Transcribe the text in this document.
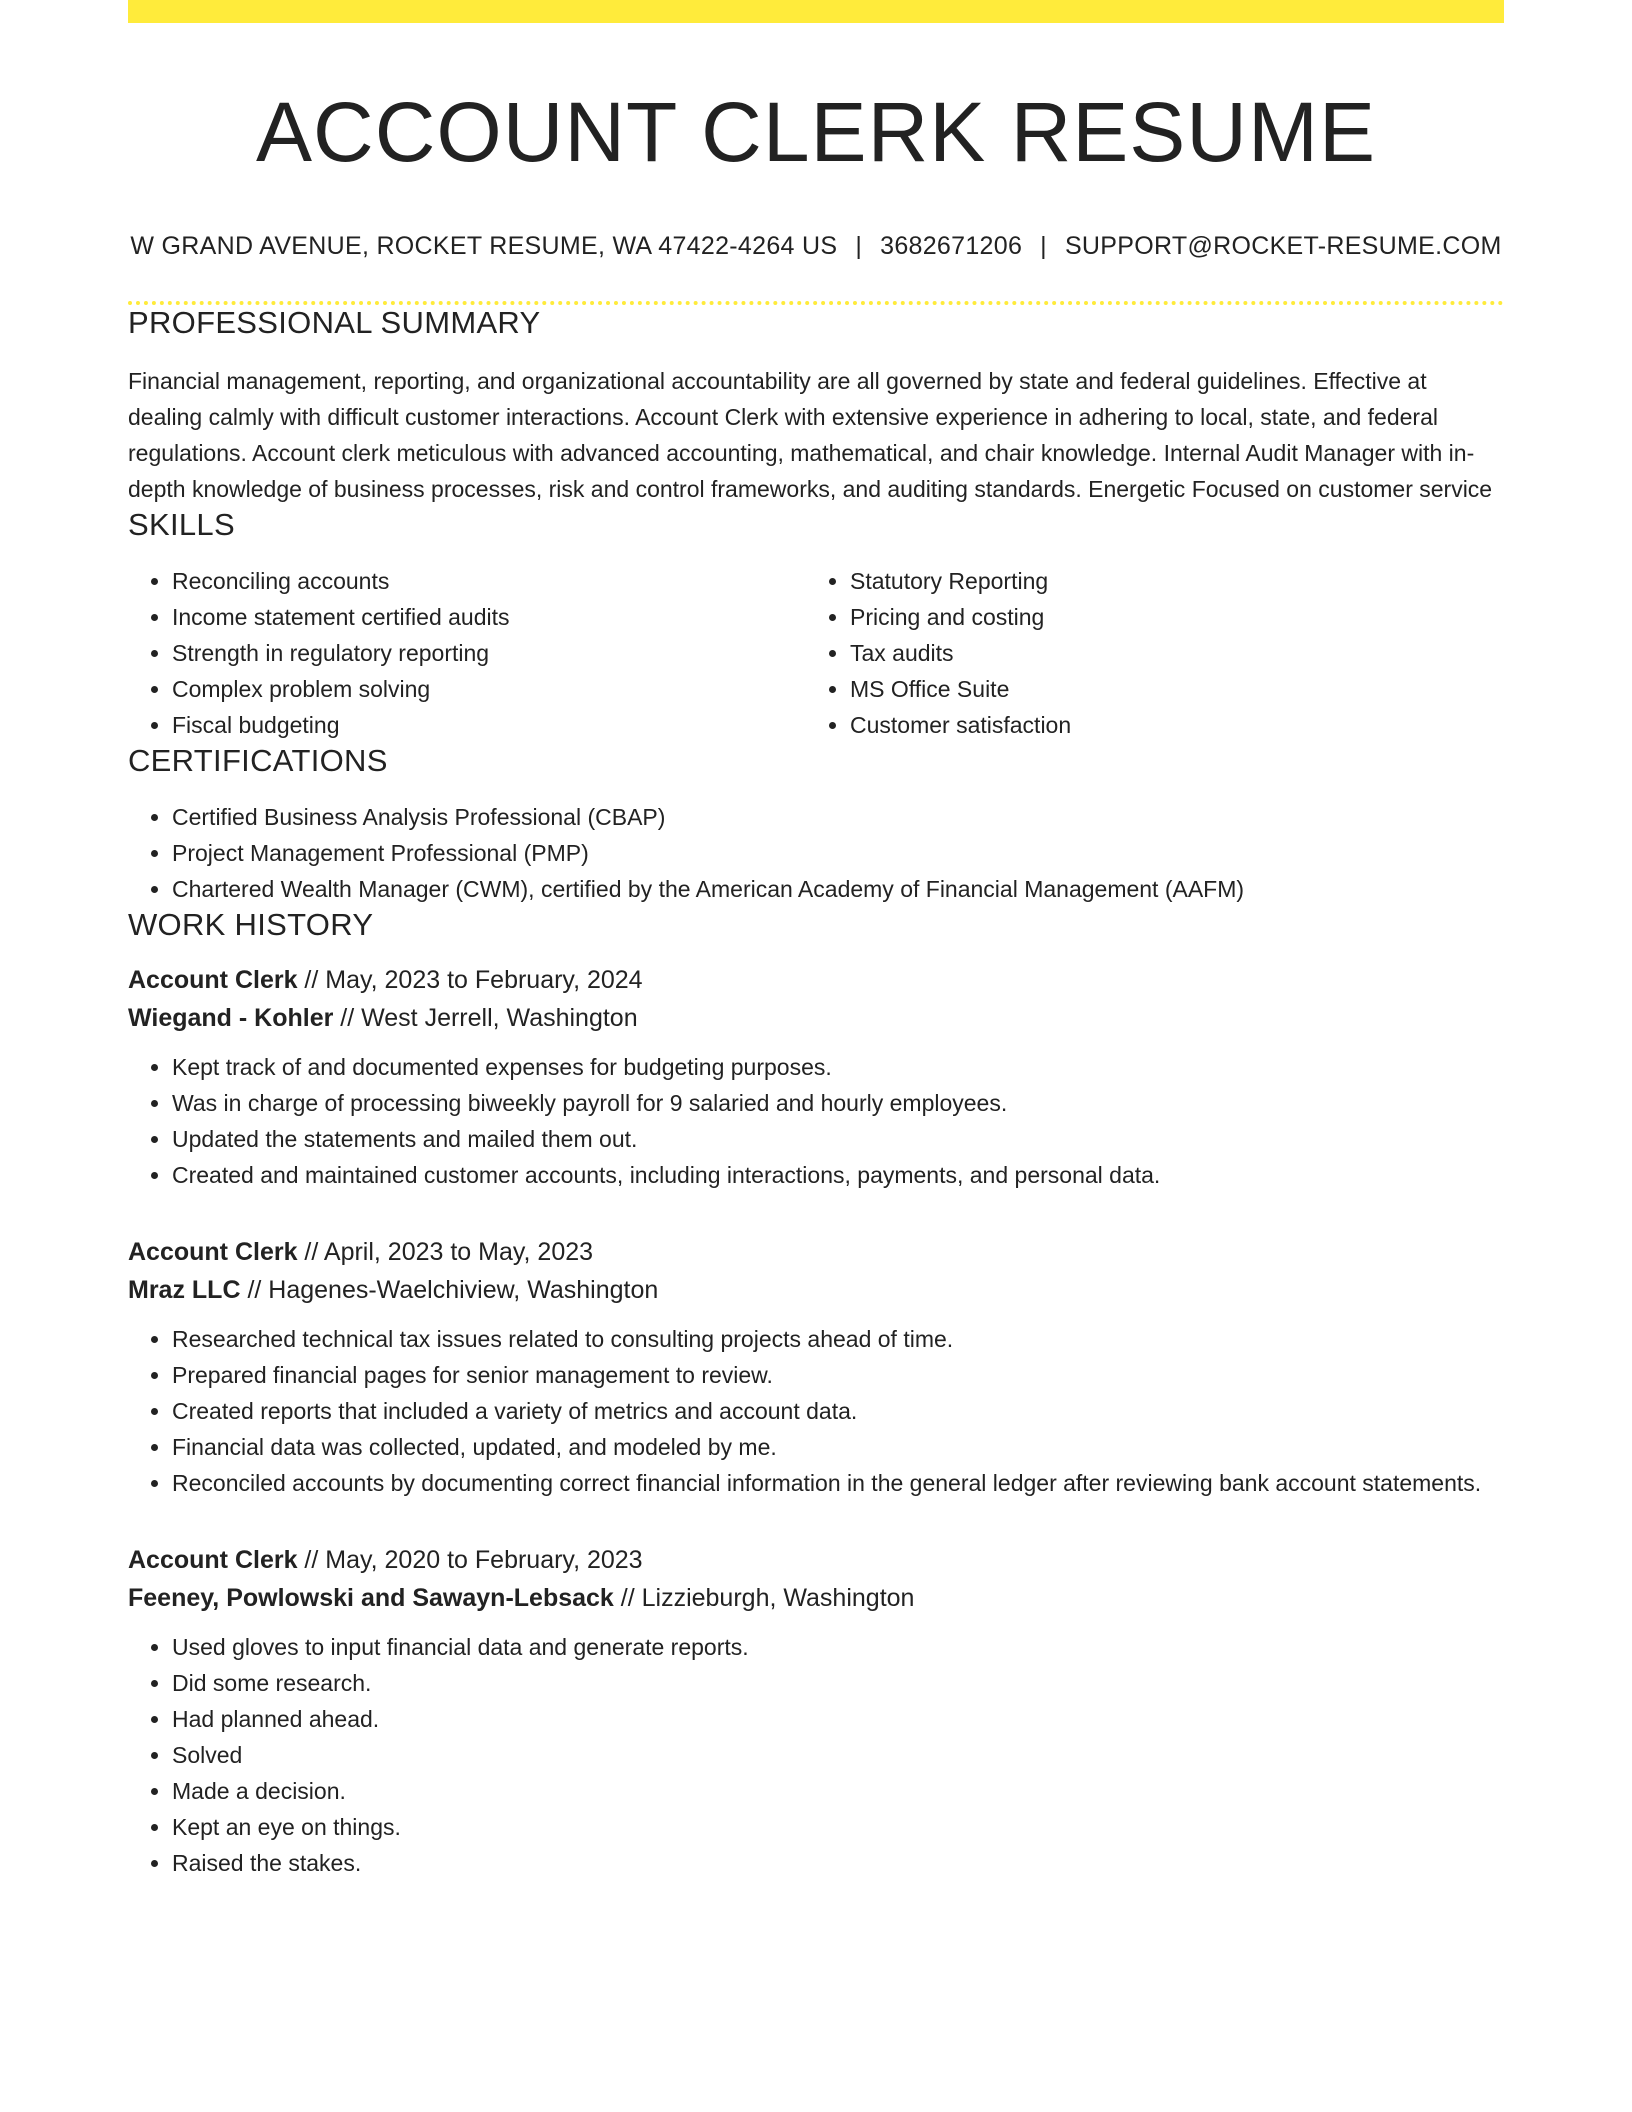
ACCOUNT CLERK RESUME
W GRAND AVENUE, ROCKET RESUME, WA 47422-4264 US | 3682671206 | SUPPORT@ROCKET-RESUME.COM
PROFESSIONAL SUMMARY
Financial management, reporting, and organizational accountability are all governed by state and federal guidelines. Effective at dealing calmly with difficult customer interactions. Account Clerk with extensive experience in adhering to local, state, and federal regulations. Account clerk meticulous with advanced accounting, mathematical, and chair knowledge. Internal Audit Manager with in-depth knowledge of business processes, risk and control frameworks, and auditing standards. Energetic Focused on customer service
SKILLS
• Reconciling accounts
• Income statement certified audits
• Strength in regulatory reporting
• Complex problem solving
• Fiscal budgeting
• Statutory Reporting
• Pricing and costing
• Tax audits
• MS Office Suite
• Customer satisfaction
CERTIFICATIONS
• Certified Business Analysis Professional (CBAP)
• Project Management Professional (PMP)
• Chartered Wealth Manager (CWM), certified by the American Academy of Financial Management (AAFM)
WORK HISTORY
Account Clerk // May, 2023 to February, 2024
Wiegand - Kohler // West Jerrell, Washington
• Kept track of and documented expenses for budgeting purposes.
• Was in charge of processing biweekly payroll for 9 salaried and hourly employees.
• Updated the statements and mailed them out.
• Created and maintained customer accounts, including interactions, payments, and personal data.
Account Clerk // April, 2023 to May, 2023
Mraz LLC // Hagenes-Waelchiview, Washington
• Researched technical tax issues related to consulting projects ahead of time.
• Prepared financial pages for senior management to review.
• Created reports that included a variety of metrics and account data.
• Financial data was collected, updated, and modeled by me.
• Reconciled accounts by documenting correct financial information in the general ledger after reviewing bank account statements.
Account Clerk // May, 2020 to February, 2023
Feeney, Powlowski and Sawayn-Lebsack // Lizzieburgh, Washington
• Used gloves to input financial data and generate reports.
• Did some research.
• Had planned ahead.
• Solved
• Made a decision.
• Kept an eye on things.
• Raised the stakes.
